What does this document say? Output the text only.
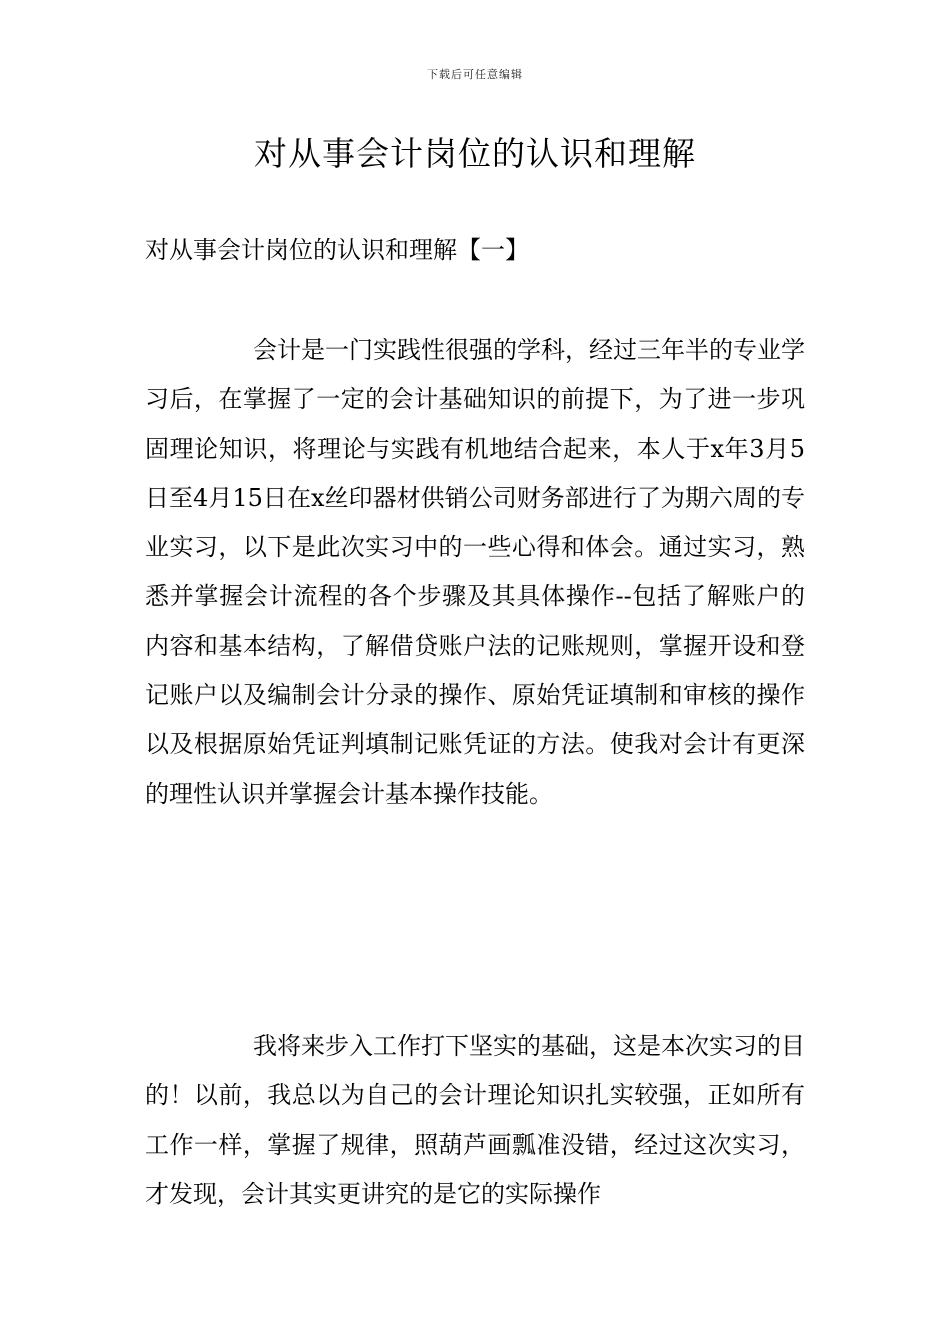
下载后可任意编辑
对从事会计岗位的认识和理解
对从事会计岗位的认识和理解【一】

会计是一门实践性很强的学科，经过三年半的专业学习后，在掌握了一定的会计基础知识的前提下，为了进一步巩固理论知识，将理论与实践有机地结合起来，本人于x年3月5日至4月15日在x丝印器材供销公司财务部进行了为期六周的专业实习，以下是此次实习中的一些心得和体会。通过实习，熟悉并掌握会计流程的各个步骤及其具体操作--包括了解账户的内容和基本结构，了解借贷账户法的记账规则，掌握开设和登记账户以及编制会计分录的操作、原始凭证填制和审核的操作以及根据原始凭证判填制记账凭证的方法。使我对会计有更深的理性认识并掌握会计基本操作技能。

我将来步入工作打下坚实的基础，这是本次实习的目的！以前，我总以为自己的会计理论知识扎实较强，正如所有工作一样，掌握了规律，照葫芦画瓢准没错，经过这次实习，才发现，会计其实更讲究的是它的实际操作
